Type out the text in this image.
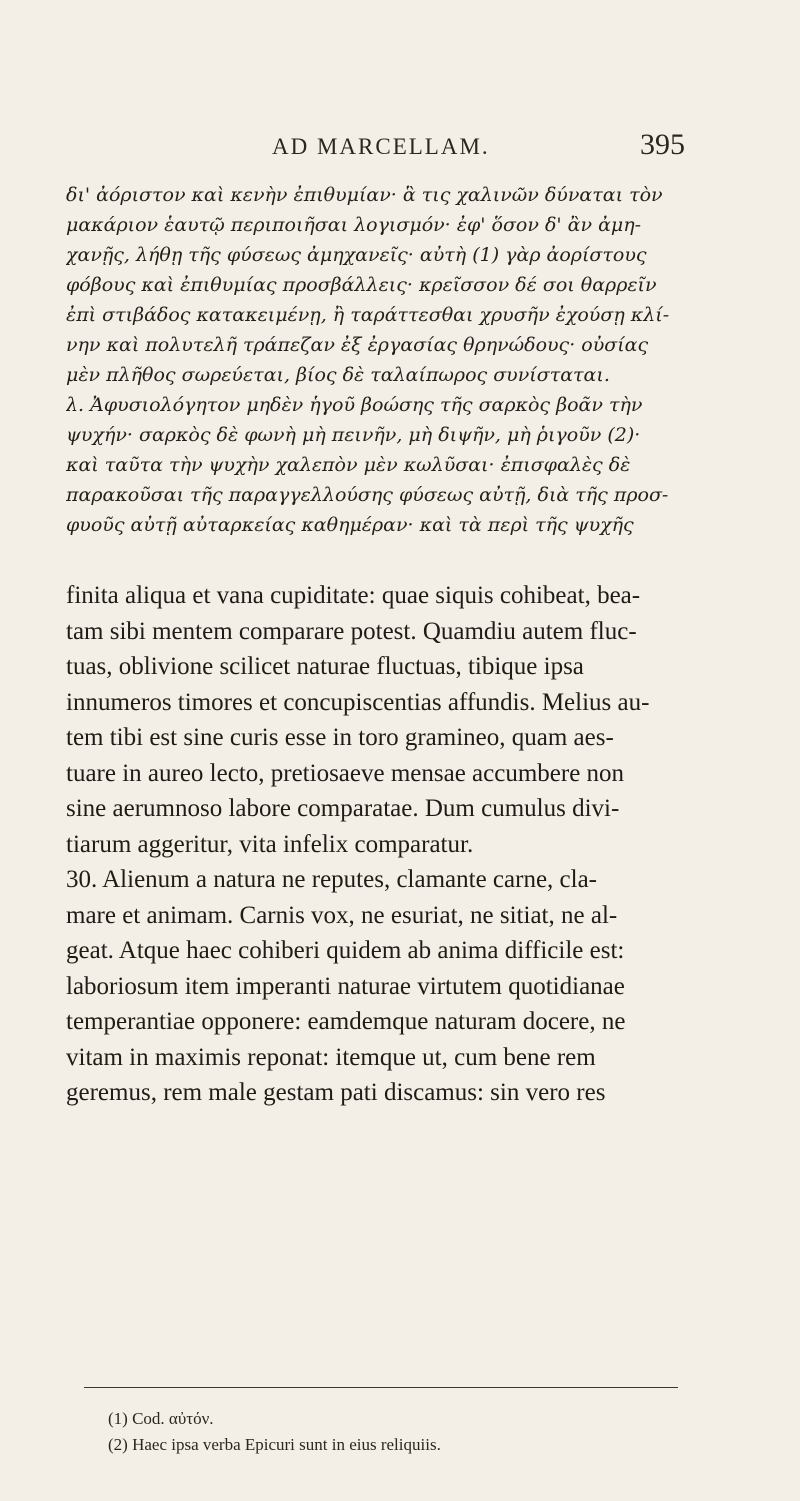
AD MARCELLAM.	395
δι' ἀόριστον καὶ κενὴν ἐπιθυμίαν· ἃ τις χαλινῶν δύναται τὸν
μακάριον ἑαυτῷ περιποιῆσαι λογισμόν· ἐφ' ὅσον δ' ἂν ἀμη-
χανῇς, λήθῃ τῆς φύσεως ἀμηχανεῖς· αὐτὴ (1) γὰρ ἀορίστους
φόβους καὶ ἐπιθυμίας προσβάλλεις· κρεῖσσον δέ σοι θαρρεῖν
ἐπὶ στιβάδος κατακειμένῃ, ἢ ταράττεσθαι χρυσῆν ἐχούσῃ κλί-
νην καὶ πολυτελῆ τράπεζαν ἐξ ἐργασίας θρηνώδους· οὐσίας
μὲν πλῆθος σωρεύεται, βίος δὲ ταλαίπωρος συνίσταται.
λ. Ἀφυσιολόγητον μηδὲν ἡγοῦ βοώσης τῆς σαρκὸς βοᾶν τὴν
ψυχήν· σαρκὸς δὲ φωνὴ μὴ πεινῆν, μὴ διψῆν, μὴ ῥιγοῦν (2)·
καὶ ταῦτα τὴν ψυχὴν χαλεπὸν μὲν κωλῦσαι· ἐπισφαλὲς δὲ
παρακοῦσαι τῆς παραγγελλούσης φύσεως αὐτῇ, διὰ τῆς προσ-
φυοῦς αὐτῇ αὐταρκείας καθημέραν· καὶ τὰ περὶ τῆς ψυχῆς
finita aliqua et vana cupiditate: quae siquis cohibeat, bea-
tam sibi mentem comparare potest. Quamdiu autem fluc-
tuas, oblivione scilicet naturae fluctuas, tibique ipsa
innumeros timores et concupiscentias affundis. Melius au-
tem tibi est sine curis esse in toro gramineo, quam aes-
tuare in aureo lecto, pretiosaeve mensae accumbere non
sine aerumnoso labore comparatae. Dum cumulus divi-
tiarum aggeritur, vita infelix comparatur.
30. Alienum a natura ne reputes, clamante carne, cla-
mare et animam. Carnis vox, ne esuriat, ne sitiat, ne al-
geat. Atque haec cohiberi quidem ab anima difficile est:
laboriosum item imperanti naturae virtutem quotidianae
temperantiae opponere: eamdemque naturam docere, ne
vitam in maximis reponat: itemque ut, cum bene rem
geremus, rem male gestam pati discamus: sin vero res
(1) Cod. αὐτόν.
(2) Haec ipsa verba Epicuri sunt in eius reliquiis.
